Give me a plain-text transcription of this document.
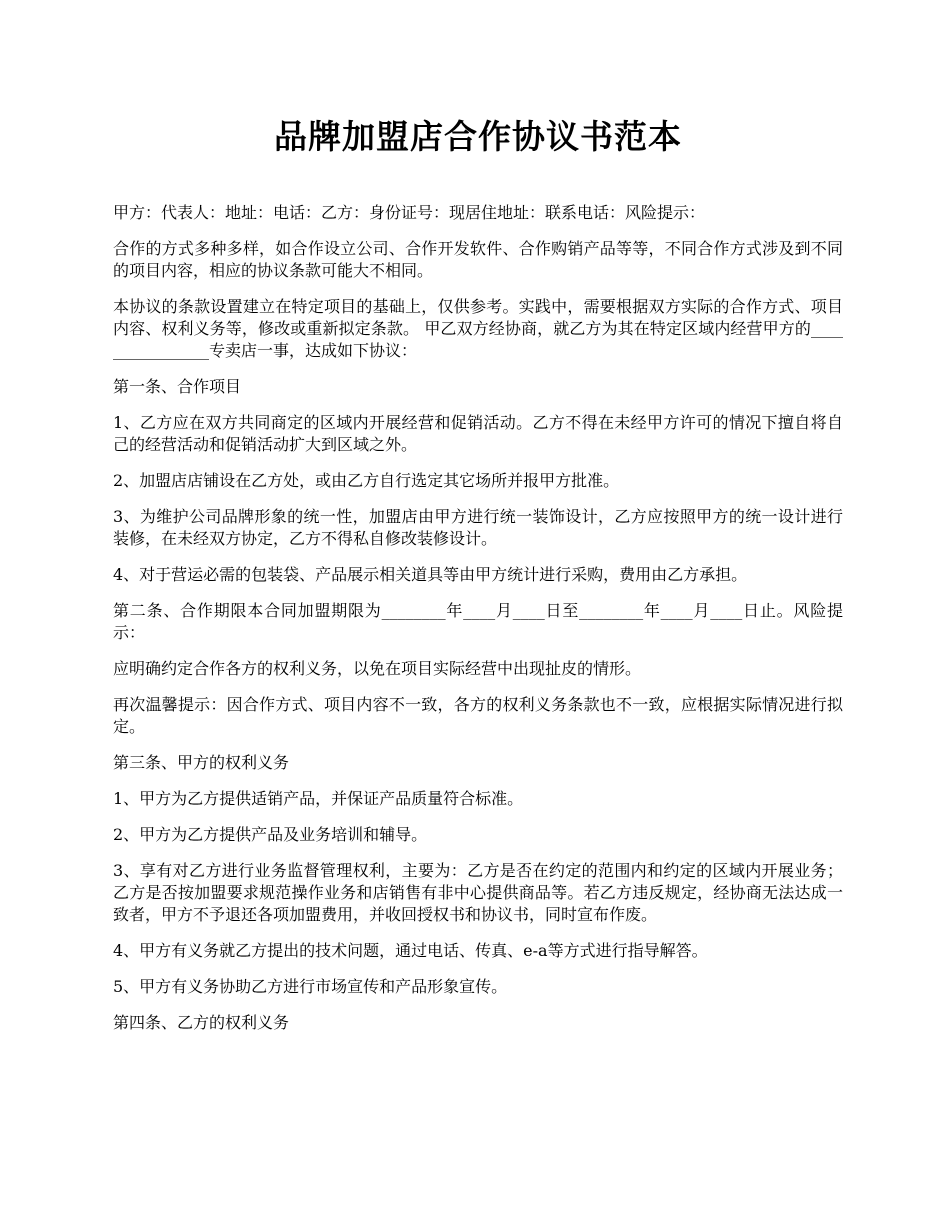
品牌加盟店合作协议书范本

甲方：代表人：地址：电话：乙方：身份证号：现居住地址：联系电话：风险提示：

合作的方式多种多样，如合作设立公司、合作开发软件、合作购销产品等等，不同合作方式涉及到不同的项目内容，相应的协议条款可能大不相同。

本协议的条款设置建立在特定项目的基础上，仅供参考。实践中，需要根据双方实际的合作方式、项目内容、权利义务等，修改或重新拟定条款。 甲乙双方经协商，就乙方为其在特定区域内经营甲方的________________专卖店一事，达成如下协议：

第一条、合作项目

1、乙方应在双方共同商定的区域内开展经营和促销活动。乙方不得在未经甲方许可的情况下擅自将自己的经营活动和促销活动扩大到区域之外。

2、加盟店店铺设在乙方处，或由乙方自行选定其它场所并报甲方批准。

3、为维护公司品牌形象的统一性，加盟店由甲方进行统一装饰设计，乙方应按照甲方的统一设计进行装修，在未经双方协定，乙方不得私自修改装修设计。

4、对于营运必需的包装袋、产品展示相关道具等由甲方统计进行采购，费用由乙方承担。

第二条、合作期限本合同加盟期限为________年____月____日至________年____月____日止。风险提示：

应明确约定合作各方的权利义务，以免在项目实际经营中出现扯皮的情形。

再次温馨提示：因合作方式、项目内容不一致，各方的权利义务条款也不一致，应根据实际情况进行拟定。

第三条、甲方的权利义务

1、甲方为乙方提供适销产品，并保证产品质量符合标准。

2、甲方为乙方提供产品及业务培训和辅导。

3、享有对乙方进行业务监督管理权利，主要为：乙方是否在约定的范围内和约定的区域内开展业务；乙方是否按加盟要求规范操作业务和店销售有非中心提供商品等。若乙方违反规定，经协商无法达成一致者，甲方不予退还各项加盟费用，并收回授权书和协议书，同时宣布作废。

4、甲方有义务就乙方提出的技术问题，通过电话、传真、e-a等方式进行指导解答。

5、甲方有义务协助乙方进行市场宣传和产品形象宣传。

第四条、乙方的权利义务
